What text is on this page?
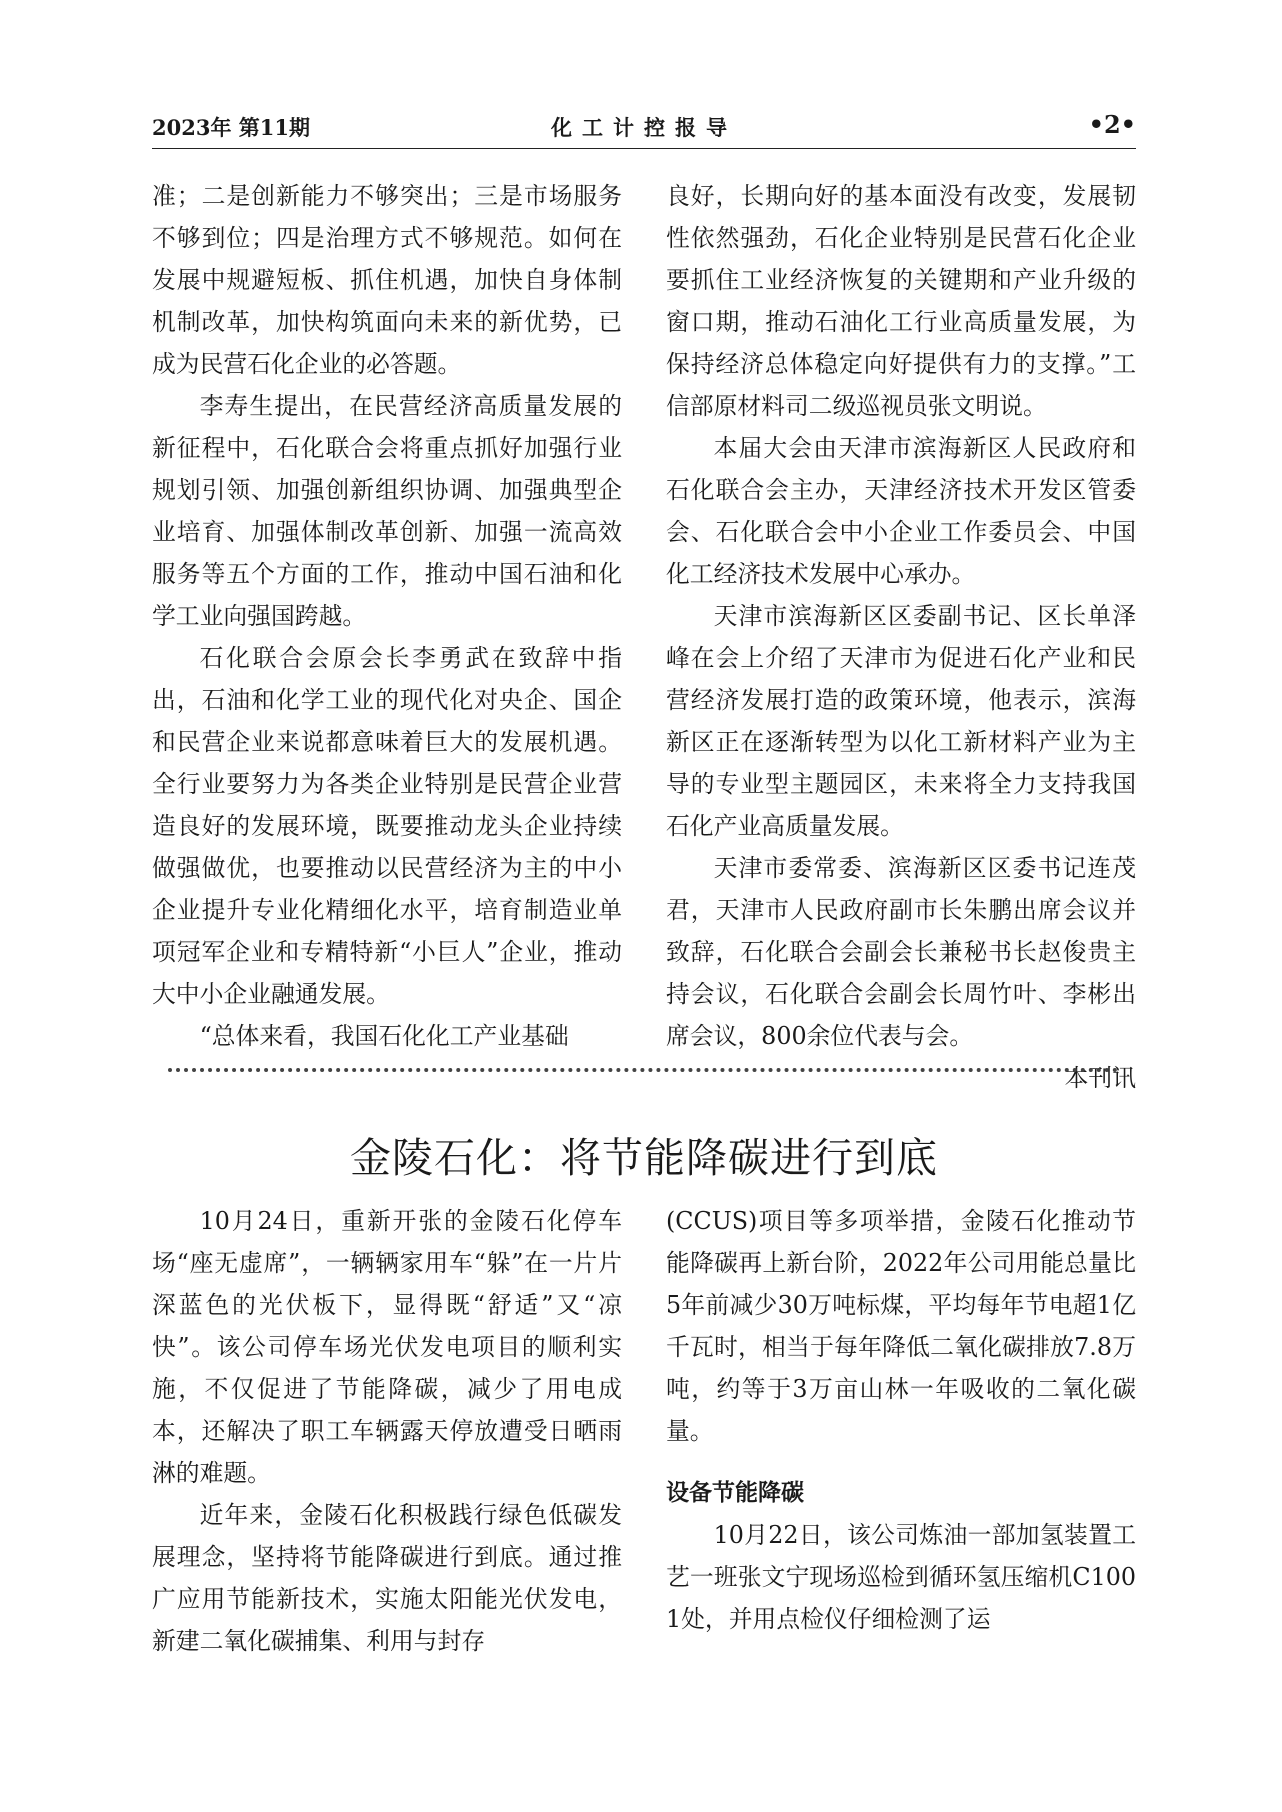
2023年 第11期	化工计控报导	•2•

准；二是创新能力不够突出；三是市场服务不够到位；四是治理方式不够规范。如何在发展中规避短板、抓住机遇，加快自身体制机制改革，加快构筑面向未来的新优势，已成为民营石化企业的必答题。

李寿生提出，在民营经济高质量发展的新征程中，石化联合会将重点抓好加强行业规划引领、加强创新组织协调、加强典型企业培育、加强体制改革创新、加强一流高效服务等五个方面的工作，推动中国石油和化学工业向强国跨越。

石化联合会原会长李勇武在致辞中指出，石油和化学工业的现代化对央企、国企和民营企业来说都意味着巨大的发展机遇。全行业要努力为各类企业特别是民营企业营造良好的发展环境，既要推动龙头企业持续做强做优，也要推动以民营经济为主的中小企业提升专业化精细化水平，培育制造业单项冠军企业和专精特新“小巨人”企业，推动大中小企业融通发展。

“总体来看，我国石化化工产业基础

良好，长期向好的基本面没有改变，发展韧性依然强劲，石化企业特别是民营石化企业要抓住工业经济恢复的关键期和产业升级的窗口期，推动石油化工行业高质量发展，为保持经济总体稳定向好提供有力的支撑。”工信部原材料司二级巡视员张文明说。

本届大会由天津市滨海新区人民政府和石化联合会主办，天津经济技术开发区管委会、石化联合会中小企业工作委员会、中国化工经济技术发展中心承办。

天津市滨海新区区委副书记、区长单泽峰在会上介绍了天津市为促进石化产业和民营经济发展打造的政策环境，他表示，滨海新区正在逐渐转型为以化工新材料产业为主导的专业型主题园区，未来将全力支持我国石化产业高质量发展。

天津市委常委、滨海新区区委书记连茂君，天津市人民政府副市长朱鹏出席会议并致辞，石化联合会副会长兼秘书长赵俊贵主持会议，石化联合会副会长周竹叶、李彬出席会议，800余位代表与会。

本刊讯

金陵石化：将节能降碳进行到底

10月24日，重新开张的金陵石化停车场“座无虚席”，一辆辆家用车“躲”在一片片深蓝色的光伏板下，显得既“舒适”又“凉快”。该公司停车场光伏发电项目的顺利实施，不仅促进了节能降碳，减少了用电成本，还解决了职工车辆露天停放遭受日晒雨淋的难题。

近年来，金陵石化积极践行绿色低碳发展理念，坚持将节能降碳进行到底。通过推广应用节能新技术，实施太阳能光伏发电，新建二氧化碳捕集、利用与封存

(CCUS)项目等多项举措，金陵石化推动节能降碳再上新台阶，2022年公司用能总量比5年前减少30万吨标煤，平均每年节电超1亿千瓦时，相当于每年降低二氧化碳排放7.8万吨，约等于3万亩山林一年吸收的二氧化碳量。

设备节能降碳

10月22日，该公司炼油一部加氢装置工艺一班张文宁现场巡检到循环氢压缩机C1001处，并用点检仪仔细检测了运
